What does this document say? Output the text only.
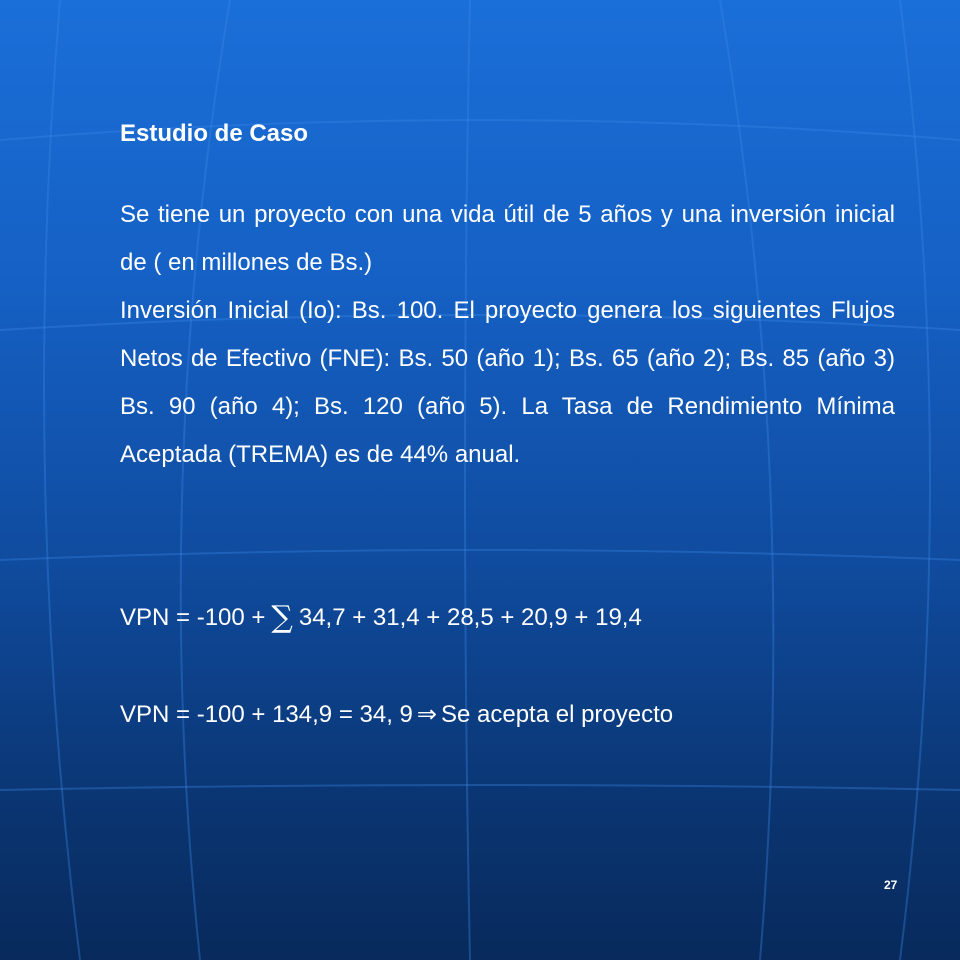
Estudio de Caso

Se tiene un proyecto con una vida útil de 5 años y una inversión inicial de ( en millones de Bs.)

Inversión Inicial (Io): Bs. 100. El proyecto genera los siguientes Flujos Netos de Efectivo (FNE): Bs. 50 (año 1); Bs. 65 (año 2); Bs. 85 (año 3) Bs. 90 (año 4); Bs. 120 (año 5). La Tasa de Rendimiento Mínima Aceptada (TREMA) es de 44% anual.

VPN = -100 + ∑ 34,7 + 31,4 + 28,5 + 20,9 + 19,4
VPN = -100 + 134,9 = 34, 9 ⇒ Se acepta el proyecto
27
